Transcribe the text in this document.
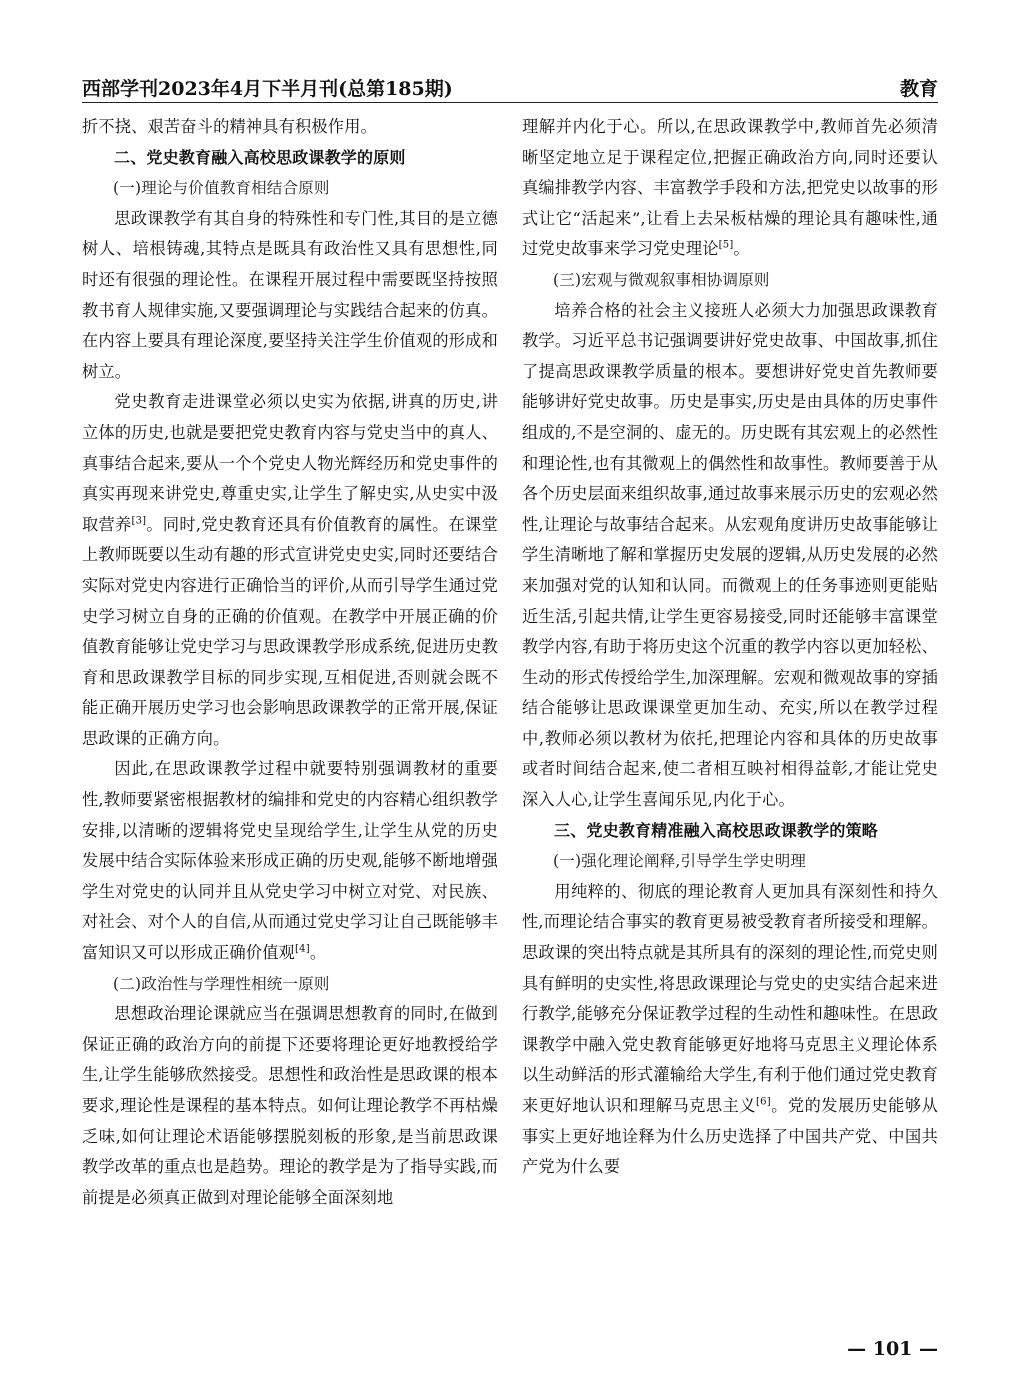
西部学刊2023年4月下半月刊(总第185期)	教育

折不挠、艰苦奋斗的精神具有积极作用。

二、党史教育融入高校思政课教学的原则
(一)理论与价值教育相结合原则

思政课教学有其自身的特殊性和专门性,其目的是立德树人、培根铸魂,其特点是既具有政治性又具有思想性,同时还有很强的理论性。在课程开展过程中需要既坚持按照教书育人规律实施,又要强调理论与实践结合起来的仿真。在内容上要具有理论深度,要坚持关注学生价值观的形成和树立。

党史教育走进课堂必须以史实为依据,讲真的历史,讲立体的历史,也就是要把党史教育内容与党史当中的真人、真事结合起来,要从一个个党史人物光辉经历和党史事件的真实再现来讲党史,尊重史实,让学生了解史实,从史实中汲取营养[3]。同时,党史教育还具有价值教育的属性。在课堂上教师既要以生动有趣的形式宣讲党史史实,同时还要结合实际对党史内容进行正确恰当的评价,从而引导学生通过党史学习树立自身的正确的价值观。在教学中开展正确的价值教育能够让党史学习与思政课教学形成系统,促进历史教育和思政课教学目标的同步实现,互相促进,否则就会既不能正确开展历史学习也会影响思政课教学的正常开展,保证思政课的正确方向。

因此,在思政课教学过程中就要特别强调教材的重要性,教师要紧密根据教材的编排和党史的内容精心组织教学安排,以清晰的逻辑将党史呈现给学生,让学生从党的历史发展中结合实际体验来形成正确的历史观,能够不断地增强学生对党史的认同并且从党史学习中树立对党、对民族、对社会、对个人的自信,从而通过党史学习让自己既能够丰富知识又可以形成正确价值观[4]。

(二)政治性与学理性相统一原则

思想政治理论课就应当在强调思想教育的同时,在做到保证正确的政治方向的前提下还要将理论更好地教授给学生,让学生能够欣然接受。思想性和政治性是思政课的根本要求,理论性是课程的基本特点。如何让理论教学不再枯燥乏味,如何让理论术语能够摆脱刻板的形象,是当前思政课教学改革的重点也是趋势。理论的教学是为了指导实践,而前提是必须真正做到对理论能够全面深刻地

理解并内化于心。所以,在思政课教学中,教师首先必须清晰坚定地立足于课程定位,把握正确政治方向,同时还要认真编排教学内容、丰富教学手段和方法,把党史以故事的形式让它“活起来”,让看上去呆板枯燥的理论具有趣味性,通过党史故事来学习党史理论[5]。

(三)宏观与微观叙事相协调原则

培养合格的社会主义接班人必须大力加强思政课教育教学。习近平总书记强调要讲好党史故事、中国故事,抓住了提高思政课教学质量的根本。要想讲好党史首先教师要能够讲好党史故事。历史是事实,历史是由具体的历史事件组成的,不是空洞的、虚无的。历史既有其宏观上的必然性和理论性,也有其微观上的偶然性和故事性。教师要善于从各个历史层面来组织故事,通过故事来展示历史的宏观必然性,让理论与故事结合起来。从宏观角度讲历史故事能够让学生清晰地了解和掌握历史发展的逻辑,从历史发展的必然来加强对党的认知和认同。而微观上的任务事迹则更能贴近生活,引起共情,让学生更容易接受,同时还能够丰富课堂教学内容,有助于将历史这个沉重的教学内容以更加轻松、生动的形式传授给学生,加深理解。宏观和微观故事的穿插结合能够让思政课课堂更加生动、充实,所以在教学过程中,教师必须以教材为依托,把理论内容和具体的历史故事或者时间结合起来,使二者相互映衬相得益彰,才能让党史深入人心,让学生喜闻乐见,内化于心。

三、党史教育精准融入高校思政课教学的策略
(一)强化理论阐释,引导学生学史明理

用纯粹的、彻底的理论教育人更加具有深刻性和持久性,而理论结合事实的教育更易被受教育者所接受和理解。思政课的突出特点就是其所具有的深刻的理论性,而党史则具有鲜明的史实性,将思政课理论与党史的史实结合起来进行教学,能够充分保证教学过程的生动性和趣味性。在思政课教学中融入党史教育能够更好地将马克思主义理论体系以生动鲜活的形式灌输给大学生,有利于他们通过党史教育来更好地认识和理解马克思主义[6]。党的发展历史能够从事实上更好地诠释为什么历史选择了中国共产党、中国共产党为什么要

— 101 —
